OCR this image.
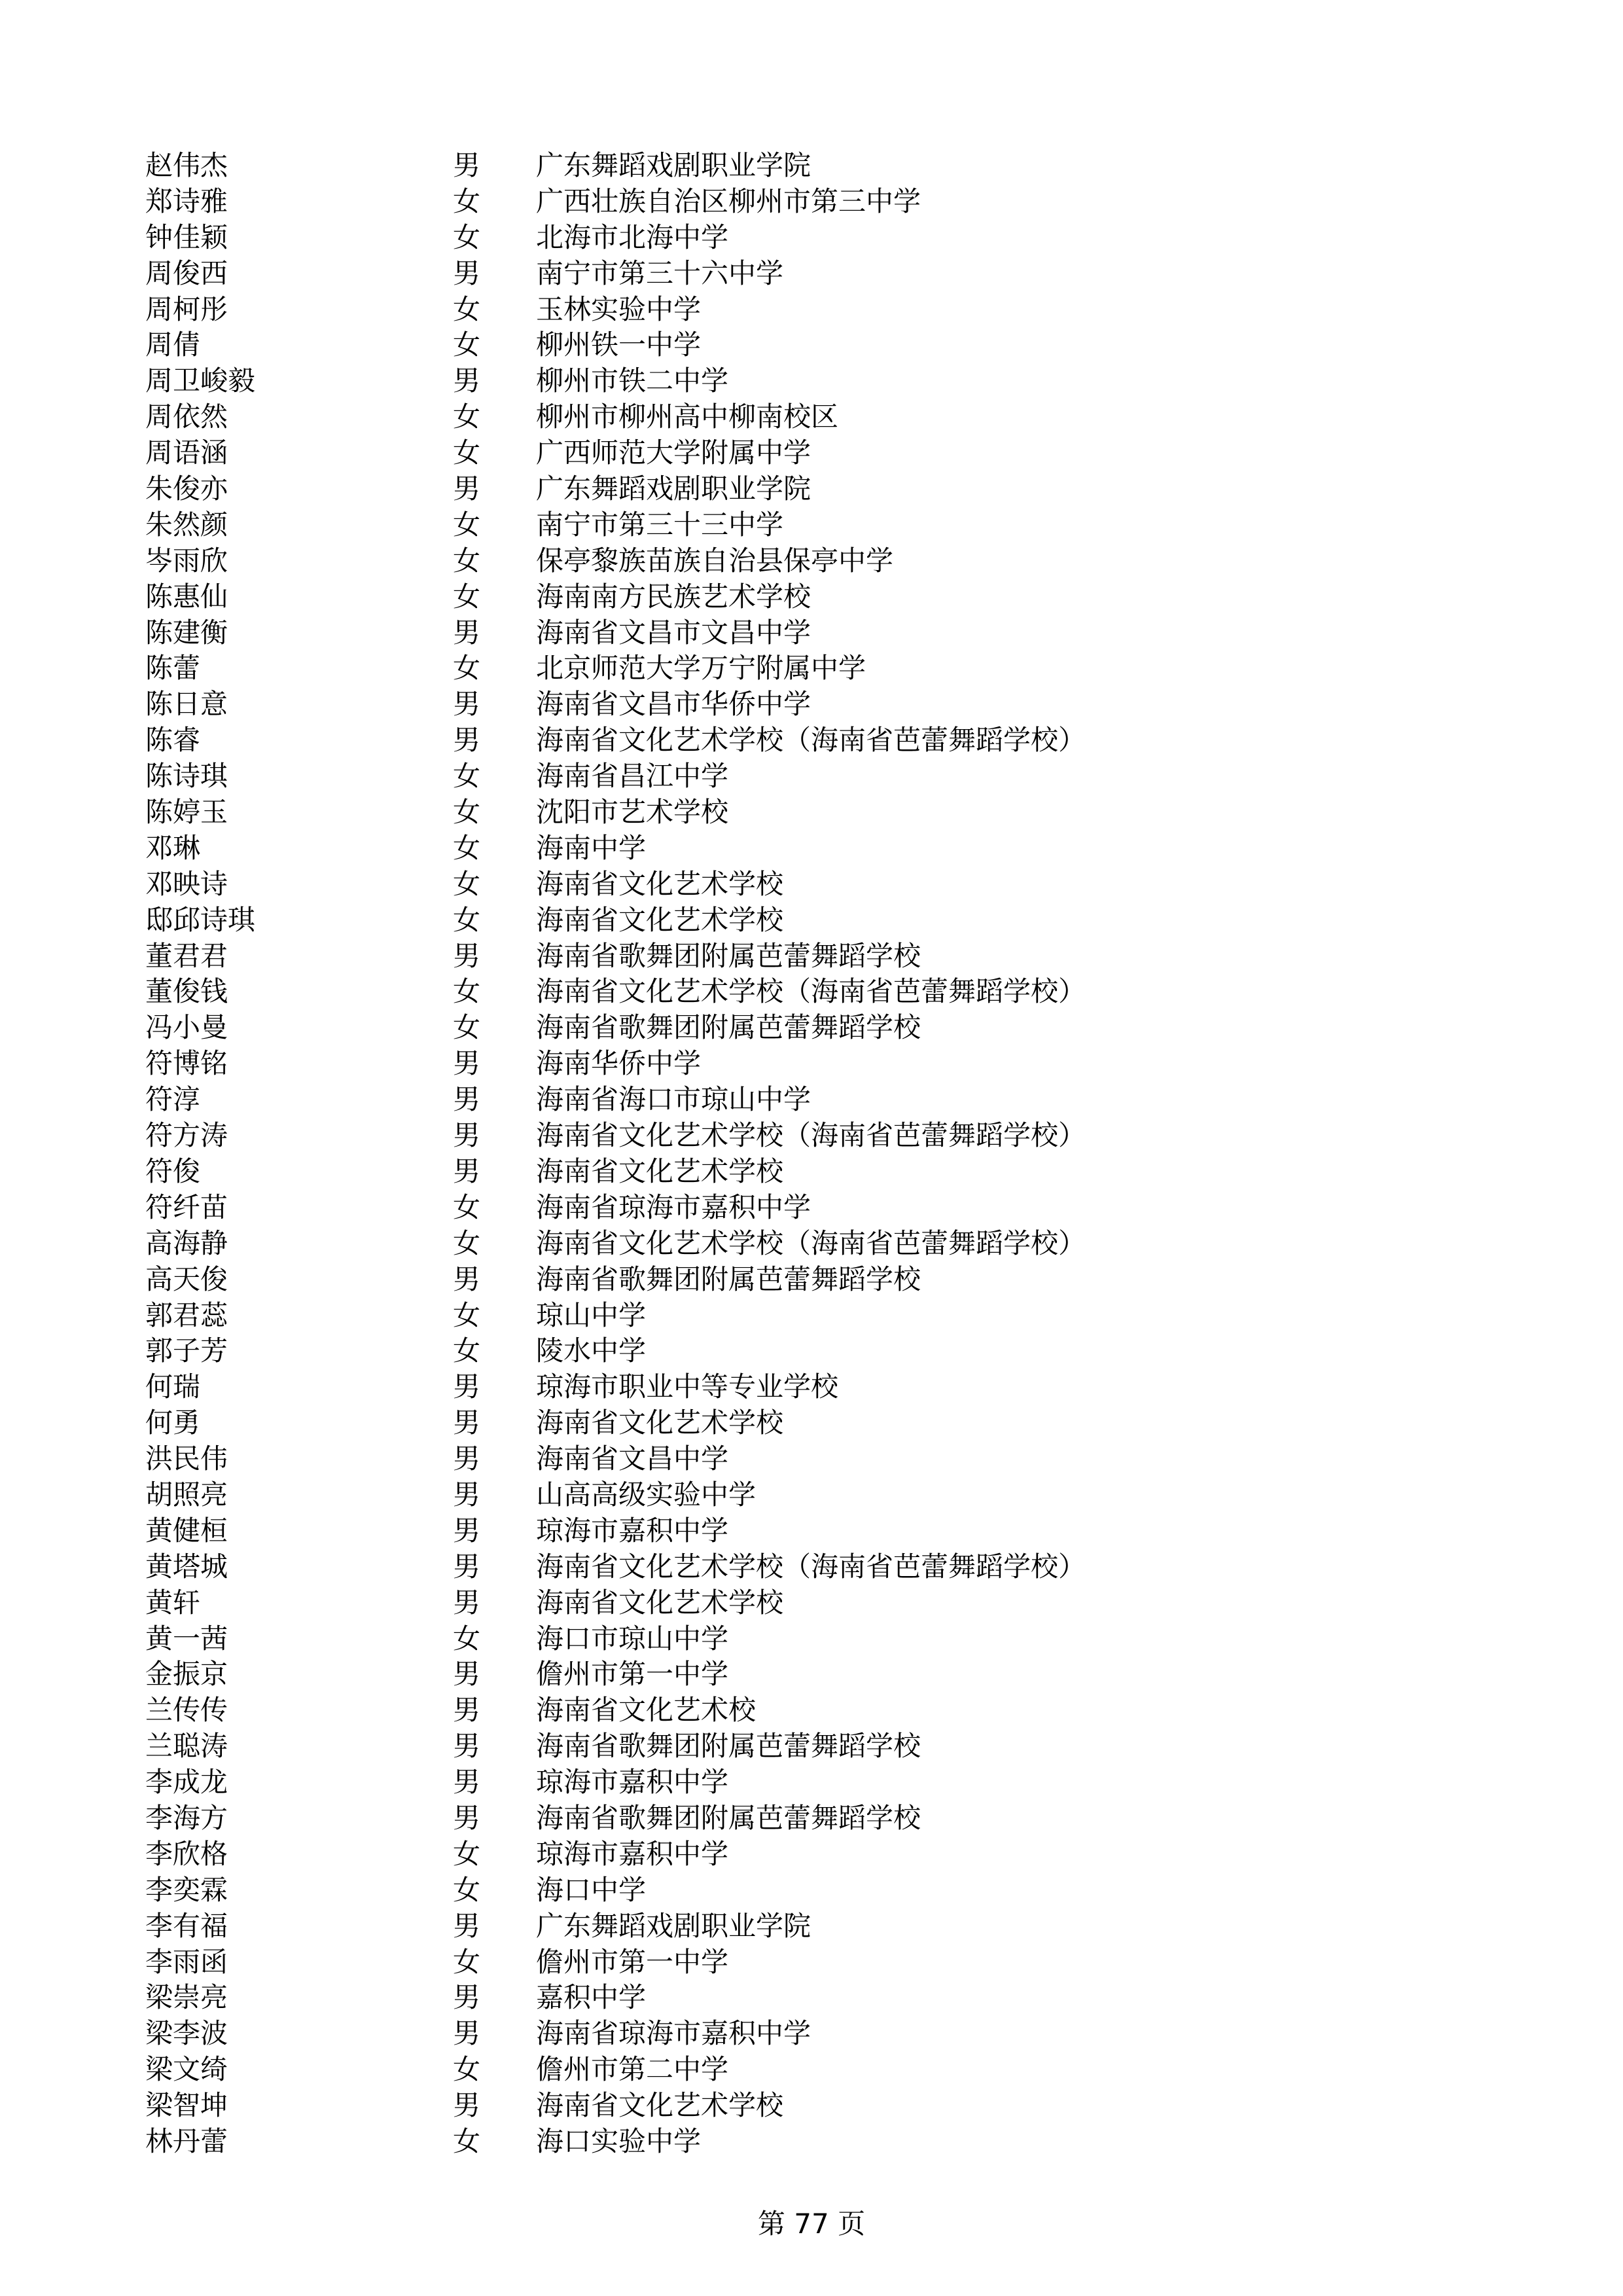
赵伟杰	男	广东舞蹈戏剧职业学院
郑诗雅	女	广西壮族自治区柳州市第三中学
钟佳颖	女	北海市北海中学
周俊西	男	南宁市第三十六中学
周柯彤	女	玉林实验中学
周倩	女	柳州铁一中学
周卫峻毅	男	柳州市铁二中学
周依然	女	柳州市柳州高中柳南校区
周语涵	女	广西师范大学附属中学
朱俊亦	男	广东舞蹈戏剧职业学院
朱然颜	女	南宁市第三十三中学
岑雨欣	女	保亭黎族苗族自治县保亭中学
陈惠仙	女	海南南方民族艺术学校
陈建衡	男	海南省文昌市文昌中学
陈蕾	女	北京师范大学万宁附属中学
陈日意	男	海南省文昌市华侨中学
陈睿	男	海南省文化艺术学校（海南省芭蕾舞蹈学校）
陈诗琪	女	海南省昌江中学
陈婷玉	女	沈阳市艺术学校
邓琳	女	海南中学
邓映诗	女	海南省文化艺术学校
邸邱诗琪	女	海南省文化艺术学校
董君君	男	海南省歌舞团附属芭蕾舞蹈学校
董俊钱	女	海南省文化艺术学校（海南省芭蕾舞蹈学校）
冯小曼	女	海南省歌舞团附属芭蕾舞蹈学校
符博铭	男	海南华侨中学
符淳	男	海南省海口市琼山中学
符方涛	男	海南省文化艺术学校（海南省芭蕾舞蹈学校）
符俊	男	海南省文化艺术学校
符纤苗	女	海南省琼海市嘉积中学
高海静	女	海南省文化艺术学校（海南省芭蕾舞蹈学校）
高天俊	男	海南省歌舞团附属芭蕾舞蹈学校
郭君蕊	女	琼山中学
郭子芳	女	陵水中学
何瑞	男	琼海市职业中等专业学校
何勇	男	海南省文化艺术学校
洪民伟	男	海南省文昌中学
胡照亮	男	山高高级实验中学
黄健桓	男	琼海市嘉积中学
黄塔城	男	海南省文化艺术学校（海南省芭蕾舞蹈学校）
黄轩	男	海南省文化艺术学校
黄一茜	女	海口市琼山中学
金振京	男	儋州市第一中学
兰传传	男	海南省文化艺术校
兰聪涛	男	海南省歌舞团附属芭蕾舞蹈学校
李成龙	男	琼海市嘉积中学
李海方	男	海南省歌舞团附属芭蕾舞蹈学校
李欣格	女	琼海市嘉积中学
李奕霖	女	海口中学
李有福	男	广东舞蹈戏剧职业学院
李雨函	女	儋州市第一中学
梁崇亮	男	嘉积中学
梁李波	男	海南省琼海市嘉积中学
梁文绮	女	儋州市第二中学
梁智坤	男	海南省文化艺术学校
林丹蕾	女	海口实验中学
第 77 页
